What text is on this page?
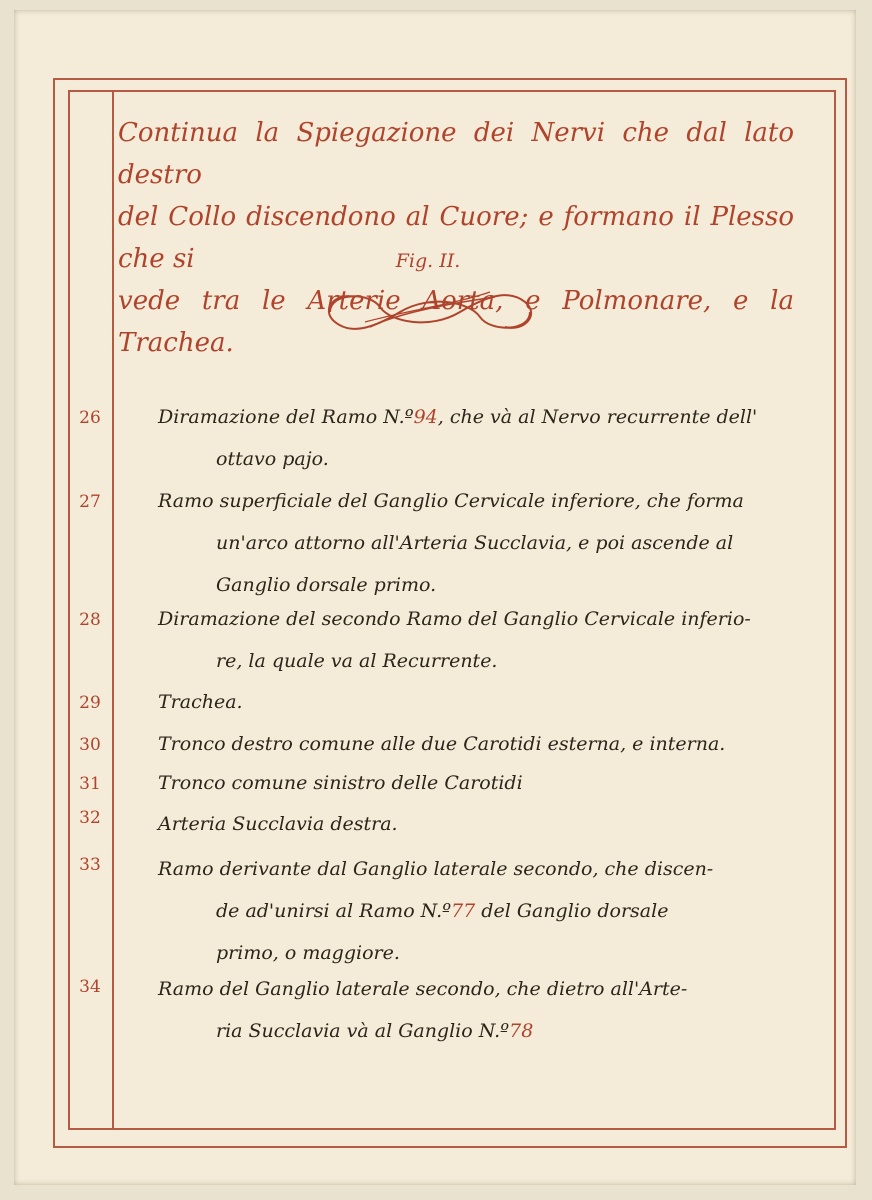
Continua la Spiegazione dei Nervi che dal lato destro
del Collo discendono al Cuore; e formano il Plesso che si
vede tra le Arterie Aorta, e Polmonare, e la Trachea.
Fig. II.
26	Diramazione del Ramo N.º94, che và al Nervo recurrente dell'
ottavo pajo.
27	Ramo superficiale del Ganglio Cervicale inferiore, che forma
un'arco attorno all'Arteria Succlavia, e poi ascende al
Ganglio dorsale primo.
28	Diramazione del secondo Ramo del Ganglio Cervicale inferio-
re, la quale va al Recurrente.
29	Trachea.
30	Tronco destro comune alle due Carotidi esterna, e interna.
31	Tronco comune sinistro delle Carotidi
32	Arteria Succlavia destra.
33	Ramo derivante dal Ganglio laterale secondo, che discen-
de ad'unirsi al Ramo N.º77 del Ganglio dorsale
primo, o maggiore.
34	Ramo del Ganglio laterale secondo, che dietro all'Arte-
ria Succlavia và al Ganglio N.º78
